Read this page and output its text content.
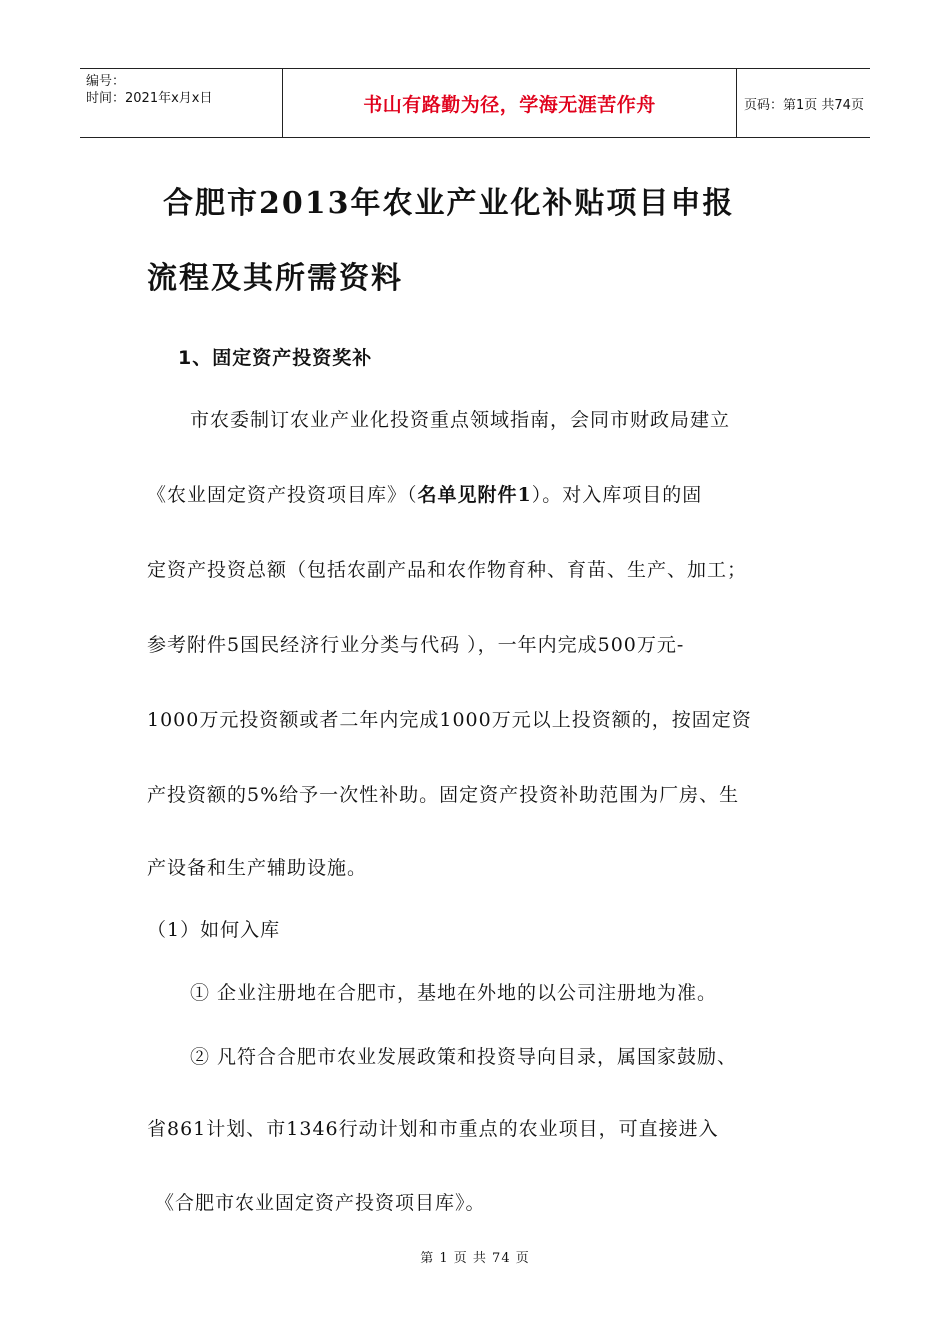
编号：
时间：2021年x月x日	书山有路勤为径，学海无涯苦作舟	页码：第1页 共74页
合肥市2013年农业产业化补贴项目申报
流程及其所需资料
1、固定资产投资奖补
市农委制订农业产业化投资重点领域指南，会同市财政局建立
《农业固定资产投资项目库》（名单见附件1）。对入库项目的固
定资产投资总额（包括农副产品和农作物育种、育苗、生产、加工；
参考附件5国民经济行业分类与代码 ），一年内完成500万元-
1000万元投资额或者二年内完成1000万元以上投资额的，按固定资
产投资额的5%给予一次性补助。固定资产投资补助范围为厂房、生
产设备和生产辅助设施。
（1）如何入库
① 企业注册地在合肥市，基地在外地的以公司注册地为准。
② 凡符合合肥市农业发展政策和投资导向目录，属国家鼓励、
省861计划、市1346行动计划和市重点的农业项目，可直接进入
《合肥市农业固定资产投资项目库》。
第 1 页 共 74 页
